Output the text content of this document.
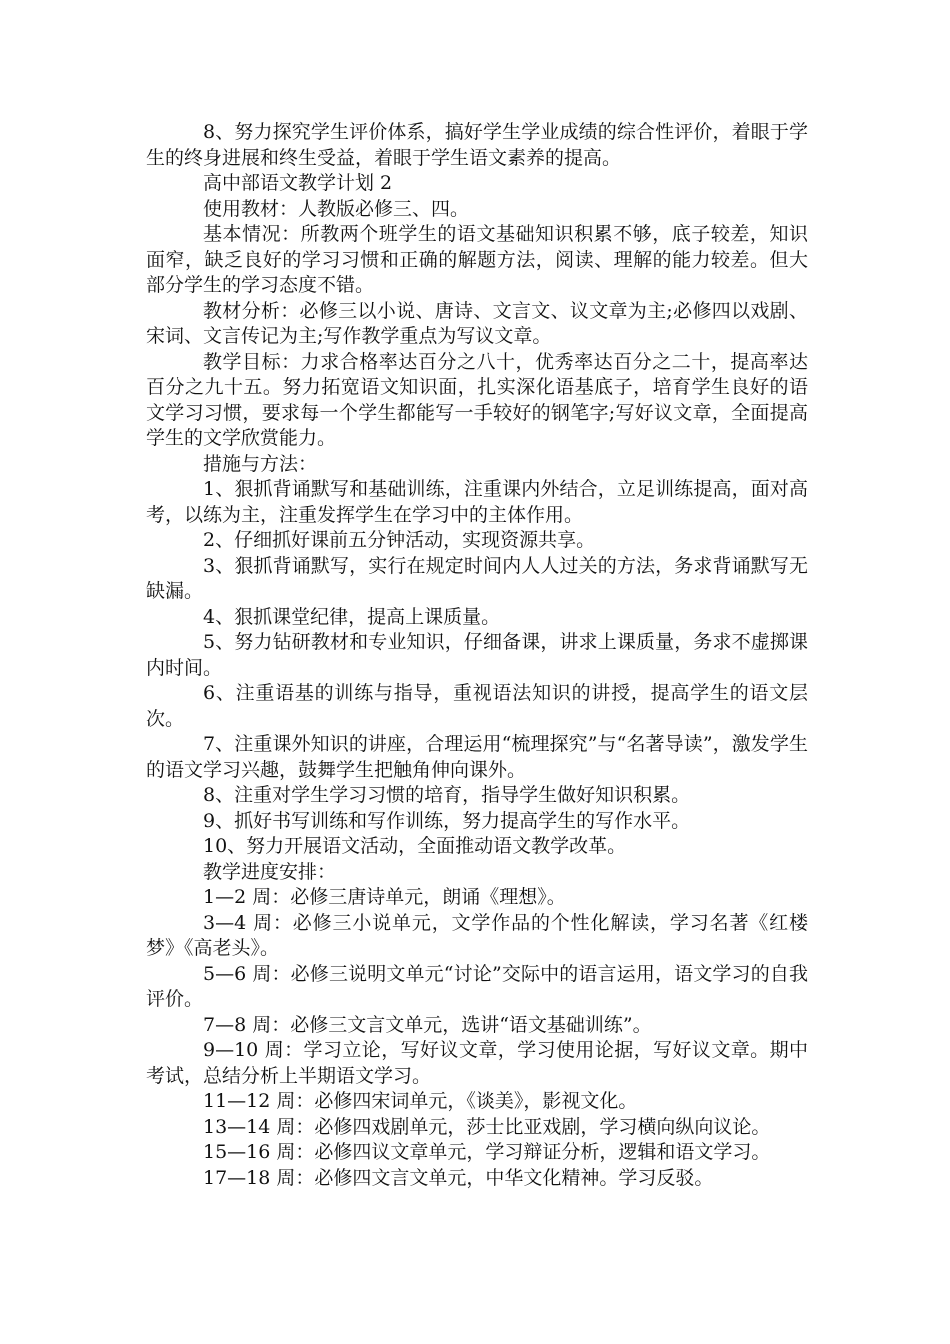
8、努力探究学生评价体系，搞好学生学业成绩的综合性评价，着眼于学生的终身进展和终生受益，着眼于学生语文素养的提高。

高中部语文教学计划 2

使用教材：人教版必修三、四。

基本情况：所教两个班学生的语文基础知识积累不够，底子较差，知识面窄，缺乏良好的学习习惯和正确的解题方法，阅读、理解的能力较差。但大部分学生的学习态度不错。

教材分析：必修三以小说、唐诗、文言文、议文章为主;必修四以戏剧、宋词、文言传记为主;写作教学重点为写议文章。

教学目标：力求合格率达百分之八十，优秀率达百分之二十，提高率达百分之九十五。努力拓宽语文知识面，扎实深化语基底子，培育学生良好的语文学习习惯，要求每一个学生都能写一手较好的钢笔字;写好议文章，全面提高学生的文学欣赏能力。

措施与方法：

1、狠抓背诵默写和基础训练，注重课内外结合，立足训练提高，面对高考，以练为主，注重发挥学生在学习中的主体作用。

2、仔细抓好课前五分钟活动，实现资源共享。

3、狠抓背诵默写，实行在规定时间内人人过关的方法，务求背诵默写无缺漏。

4、狠抓课堂纪律，提高上课质量。

5、努力钻研教材和专业知识，仔细备课，讲求上课质量，务求不虚掷课内时间。

6、注重语基的训练与指导，重视语法知识的讲授，提高学生的语文层次。

7、注重课外知识的讲座，合理运用“梳理探究”与“名著导读”，激发学生的语文学习兴趣，鼓舞学生把触角伸向课外。

8、注重对学生学习习惯的培育，指导学生做好知识积累。

9、抓好书写训练和写作训练，努力提高学生的写作水平。

10、努力开展语文活动，全面推动语文教学改革。

教学进度安排：

1—2 周：必修三唐诗单元，朗诵《理想》。

3—4 周：必修三小说单元，文学作品的个性化解读，学习名著《红楼梦》《高老头》。

5—6 周：必修三说明文单元“讨论”交际中的语言运用，语文学习的自我评价。

7—8 周：必修三文言文单元，选讲“语文基础训练”。

9—10 周：学习立论，写好议文章，学习使用论据，写好议文章。期中考试，总结分析上半期语文学习。

11—12 周：必修四宋词单元，《谈美》，影视文化。

13—14 周：必修四戏剧单元，莎士比亚戏剧，学习横向纵向议论。

15—16 周：必修四议文章单元，学习辩证分析，逻辑和语文学习。

17—18 周：必修四文言文单元，中华文化精神。学习反驳。
